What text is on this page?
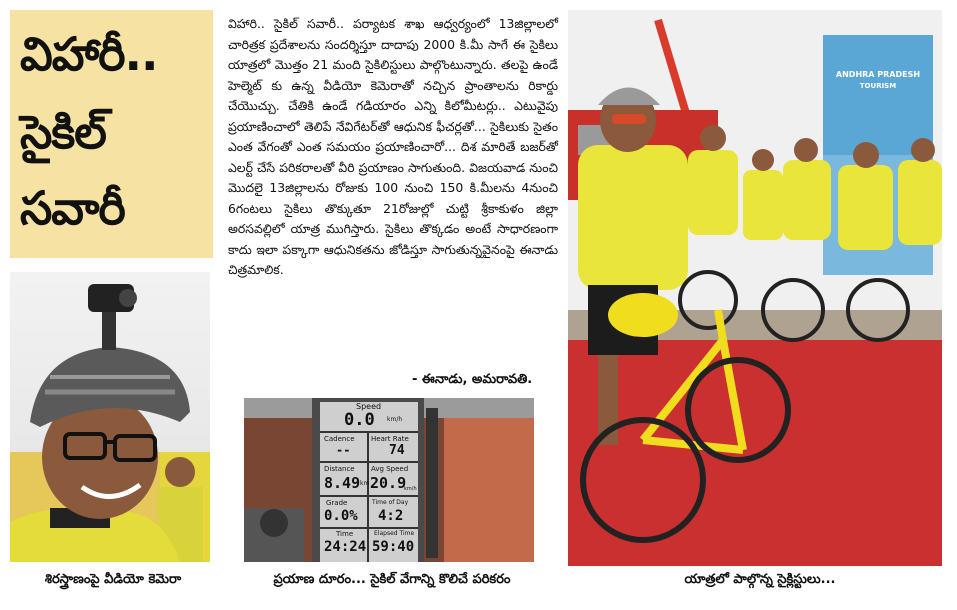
విహారీ..
సైకిల్
సవారీ

విహారి.. సైకిల్ సవారీ.. పర్యాటక శాఖ ఆధ్వర్యంలో 13జిల్లాలలో చారిత్రక ప్రదేశాలను సందర్శిస్తూ దాదాపు 2000 కి.మీ సాగే ఈ సైకిలు యాత్రలో మొత్తం 21 మంది సైకిలిస్టులు పాల్గొంటున్నారు. తలపై ఉండే హెల్మెట్ కు ఉన్న వీడియో కెమెరాతో నచ్చిన ప్రాంతాలను రికార్డు చేయొచ్చు. చేతికి ఉండే గడియారం ఎన్ని కిలోమీటర్లు.. ఎటువైపు ప్రయాణించాలో తెలిపే నేవిగేటర్‌తో ఆధునిక ఫీచర్లతో... సైకిలుకు సైతం ఎంత వేగంతో ఎంత సమయం ప్రయాణించారో... దిశ మారితే బజర్‌తో ఎలర్ట్ చేసే పరికరాలతో వీరి ప్రయాణం సాగుతుంది. విజయవాడ నుంచి మొదలై 13జిల్లాలను రోజుకు 100 నుంచి 150 కి.మీలను 4నుంచి 6గంటలు సైకిలు తొక్కుతూ 21రోజుల్లో చుట్టి శ్రీకాకుళం జిల్లా అరసవల్లిలో యాత్ర ముగిస్తారు. సైకిలు తొక్కడం అంటే సాధారణంగా కాదు ఇలా పక్కాగా ఆధునికతను జోడిస్తూ సాగుతున్నవైనంపై ఈనాడు చిత్రమాలిక.

- ఈనాడు, అమరావతి.
Speed
0.0 km/h
Cadence
--
Heart Rate
74
Distance
8.49 km
Avg Speed
20.9
km/h
Grade
0.0%
Time of Day
4:2
Time
24:24
Elapsed Time
59:40
ANDHRA PRADESH
TOURISM
శిరస్త్రాణంపై వీడియో కెమెరా	ప్రయాణ దూరం... సైకిల్ వేగాన్ని కొలిచే పరికరం	యాత్రలో పాల్గొన్న సైక్లిస్టులు...
